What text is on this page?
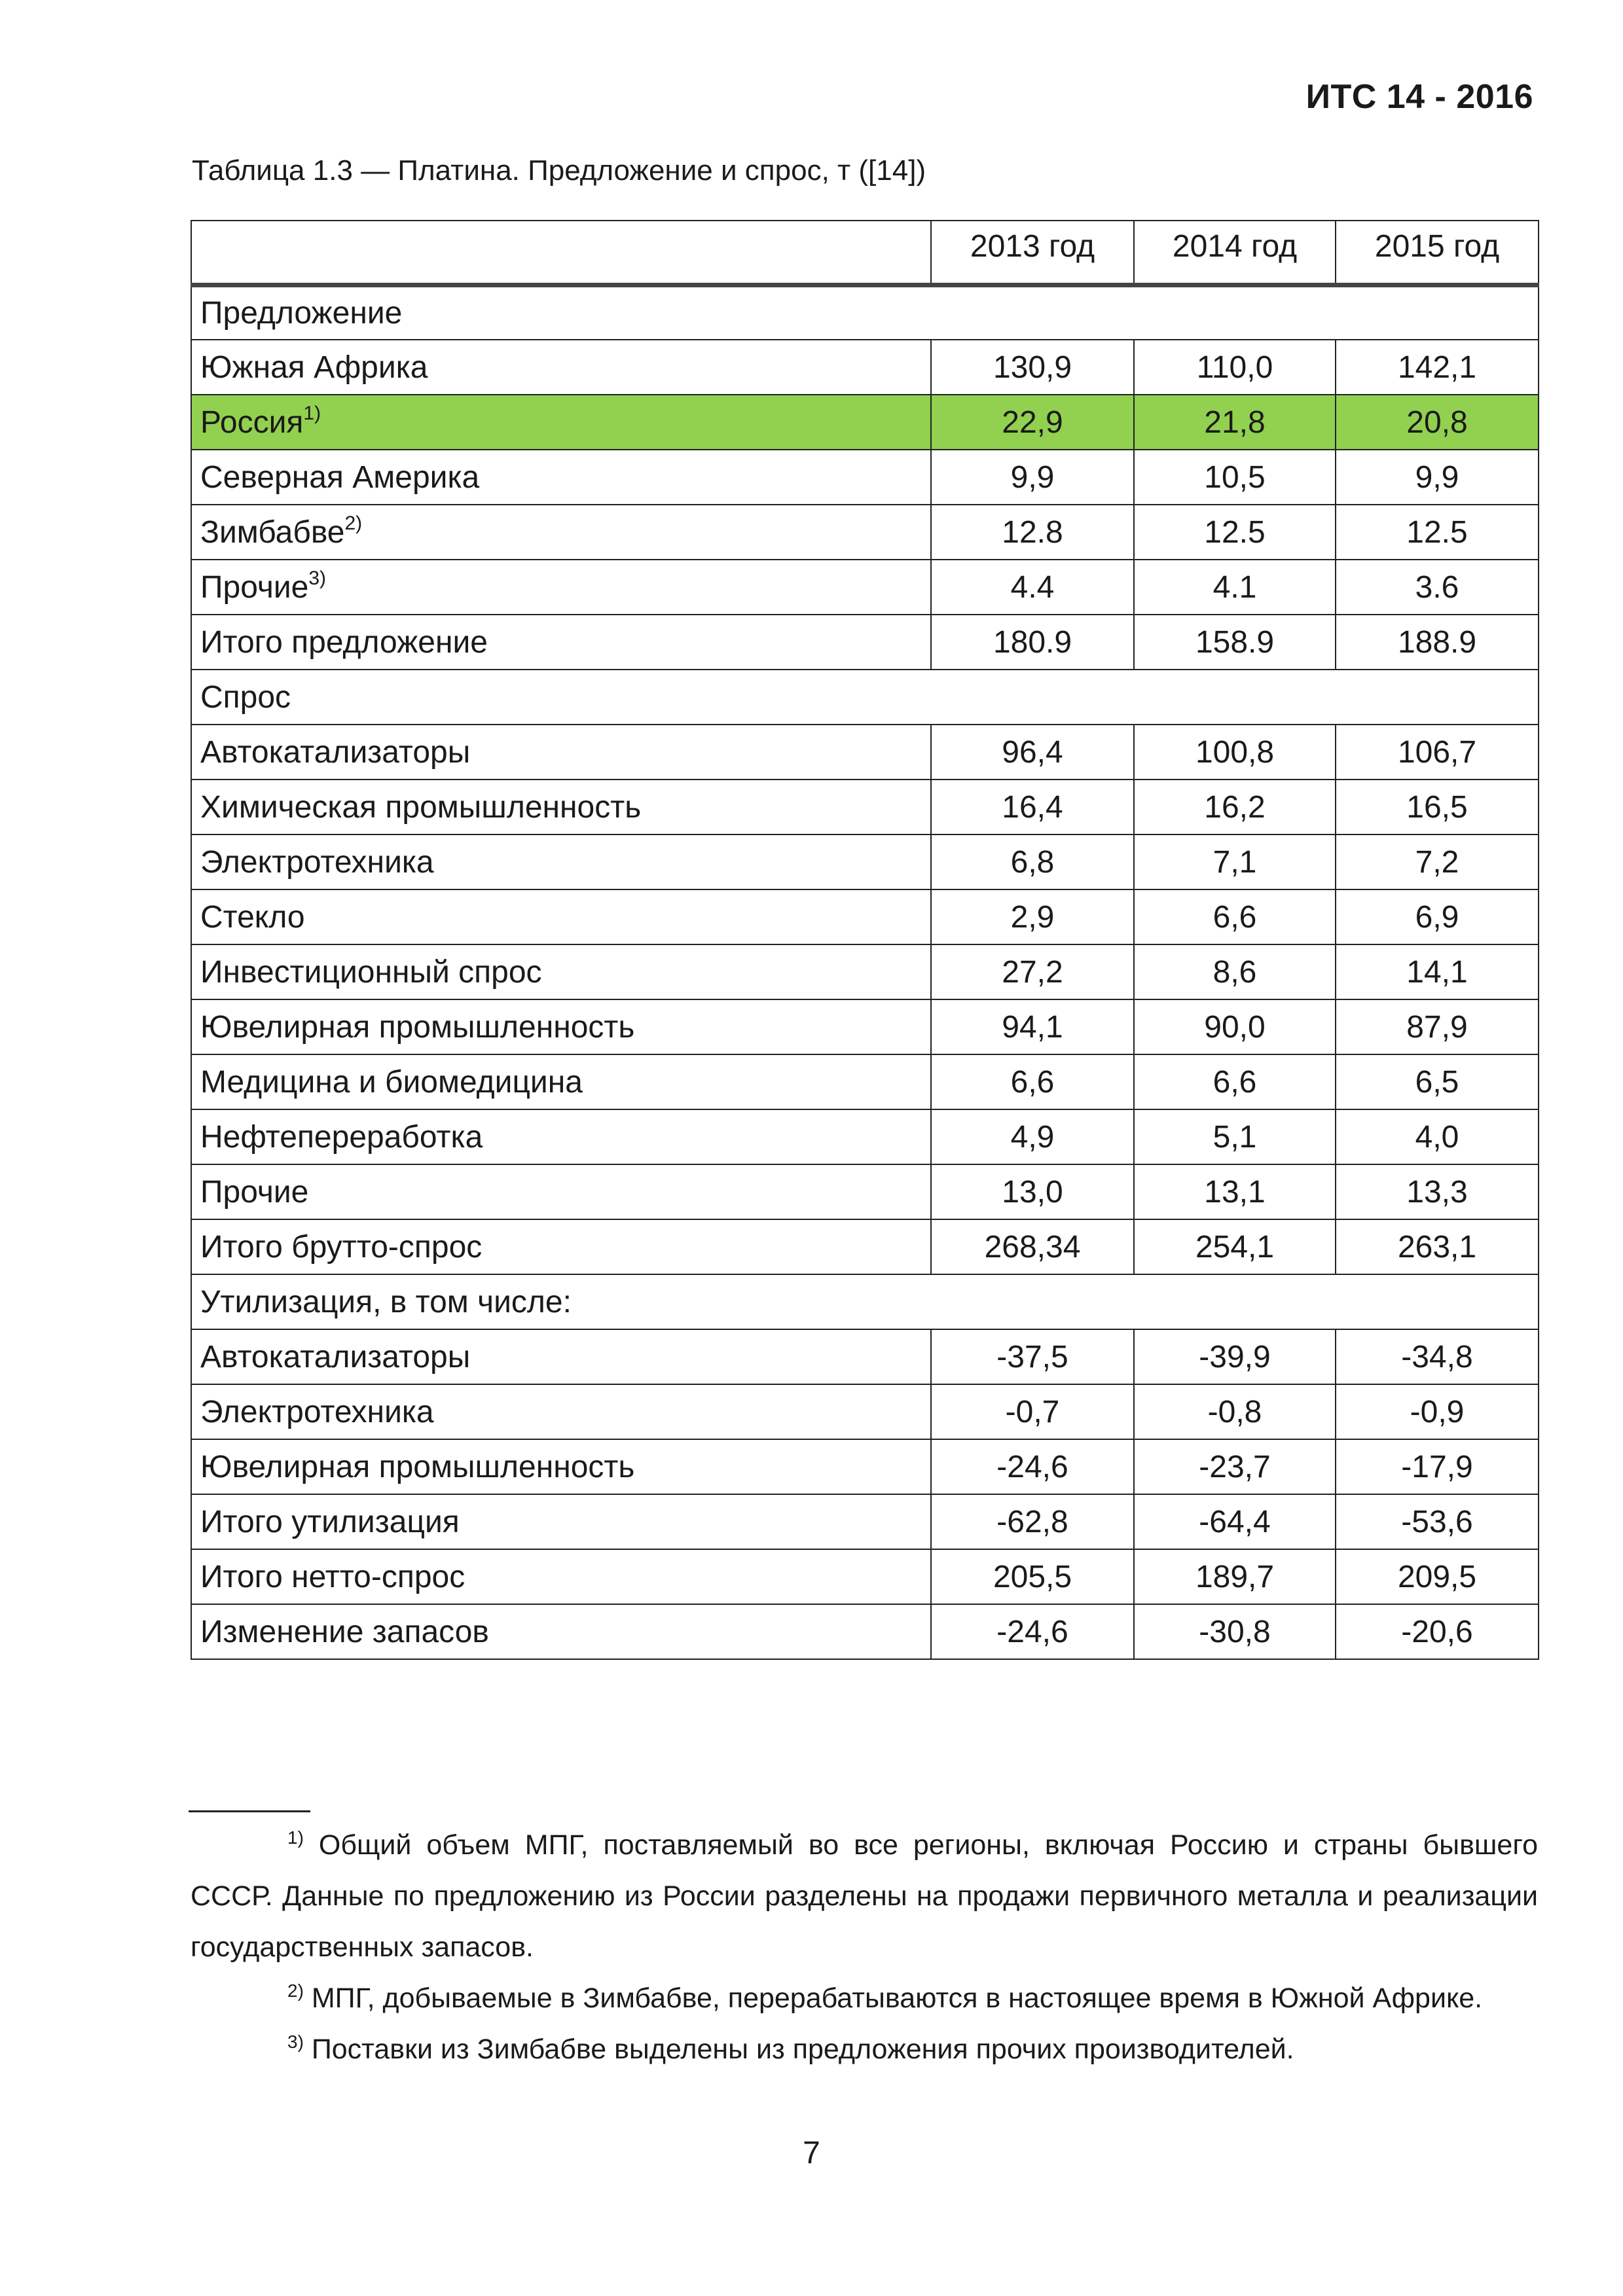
ИТС 14 - 2016
Таблица 1.3 — Платина. Предложение и спрос, т ([14])
	2013 год	2014 год	2015 год
Предложение			
Южная Африка	130,9	110,0	142,1
Россия$^{1)}$	22,9	21,8	20,8
Северная Америка	9,9	10,5	9,9
Зимбабве$^{2)}$	12.8	12.5	12.5
Прочие$^{3)}$	4.4	4.1	3.6
Итого предложение	180.9	158.9	188.9
Спрос			
Автокатализаторы	96,4	100,8	106,7
Химическая промышленность	16,4	16,2	16,5
Электротехника	6,8	7,1	7,2
Стекло	2,9	6,6	6,9
Инвестиционный спрос	27,2	8,6	14,1
Ювелирная промышленность	94,1	90,0	87,9
Медицина и биомедицина	6,6	6,6	6,5
Нефтепереработка	4,9	5,1	4,0
Прочие	13,0	13,1	13,3
Итого брутто-спрос	268,34	254,1	263,1
Утилизация, в том числе:			
Автокатализаторы	-37,5	-39,9	-34,8
Электротехника	-0,7	-0,8	-0,9
Ювелирная промышленность	-24,6	-23,7	-17,9
Итого утилизация	-62,8	-64,4	-53,6
Итого нетто-спрос	205,5	189,7	209,5
Изменение запасов	-24,6	-30,8	-20,6

$^{1)}$ Общий объем МПГ, поставляемый во все регионы, включая Россию и страны бывшего СССР. Данные по предложению из России разделены на продажи первичного металла и реализации государственных запасов.

$^{2)}$ МПГ, добываемые в Зимбабве, перерабатываются в настоящее время в Южной Африке.

$^{3)}$ Поставки из Зимбабве выделены из предложения прочих производителей.

7
